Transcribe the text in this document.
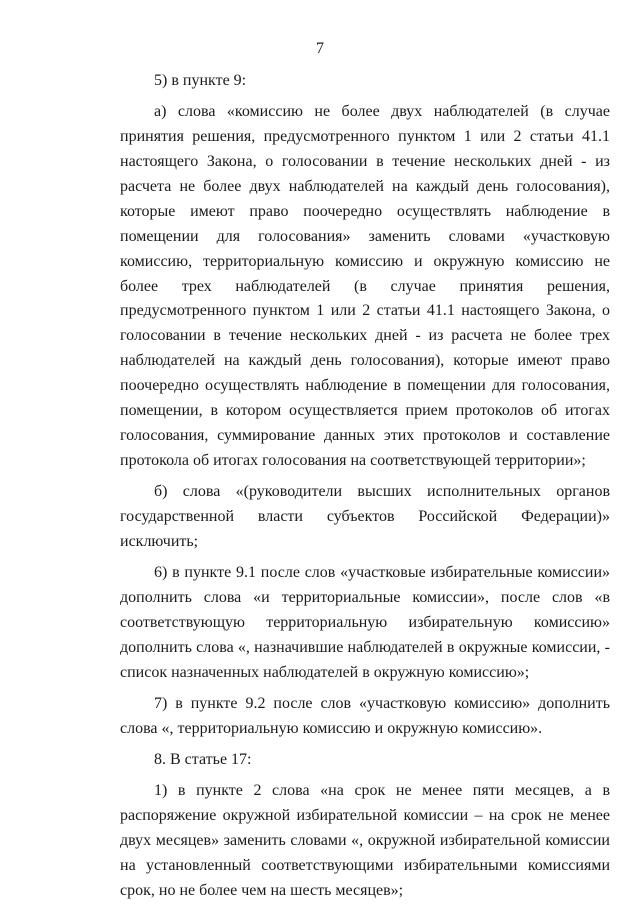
7

5) в пункте 9:

а) слова «комиссию не более двух наблюдателей (в случае принятия решения, предусмотренного пунктом 1 или 2 статьи 41.1 настоящего Закона, о голосовании в течение нескольких дней - из расчета не более двух наблюдателей на каждый день голосования), которые имеют право поочередно осуществлять наблюдение в помещении для голосования» заменить словами «участковую комиссию, территориальную комиссию и окружную комиссию не более трех наблюдателей (в случае принятия решения, предусмотренного пунктом 1 или 2 статьи 41.1 настоящего Закона, о голосовании в течение нескольких дней - из расчета не более трех наблюдателей на каждый день голосования), которые имеют право поочередно осуществлять наблюдение в помещении для голосования, помещении, в котором осуществляется прием протоколов об итогах голосования, суммирование данных этих протоколов и составление протокола об итогах голосования на соответствующей территории»;

б) слова «(руководители высших исполнительных органов государственной власти субъектов Российской Федерации)» исключить;

6) в пункте 9.1 после слов «участковые избирательные комиссии» дополнить слова «и территориальные комиссии», после слов «в соответствующую территориальную избирательную комиссию» дополнить слова «, назначившие наблюдателей в окружные комиссии, - список назначенных наблюдателей в окружную комиссию»;

7) в пункте 9.2 после слов «участковую комиссию» дополнить слова «, территориальную комиссию и окружную комиссию».

8. В статье 17:

1) в пункте 2 слова «на срок не менее пяти месяцев, а в распоряжение окружной избирательной комиссии – на срок не менее двух месяцев» заменить словами «, окружной избирательной комиссии на установленный соответствующими избирательными комиссиями срок, но не более чем на шесть месяцев»;
